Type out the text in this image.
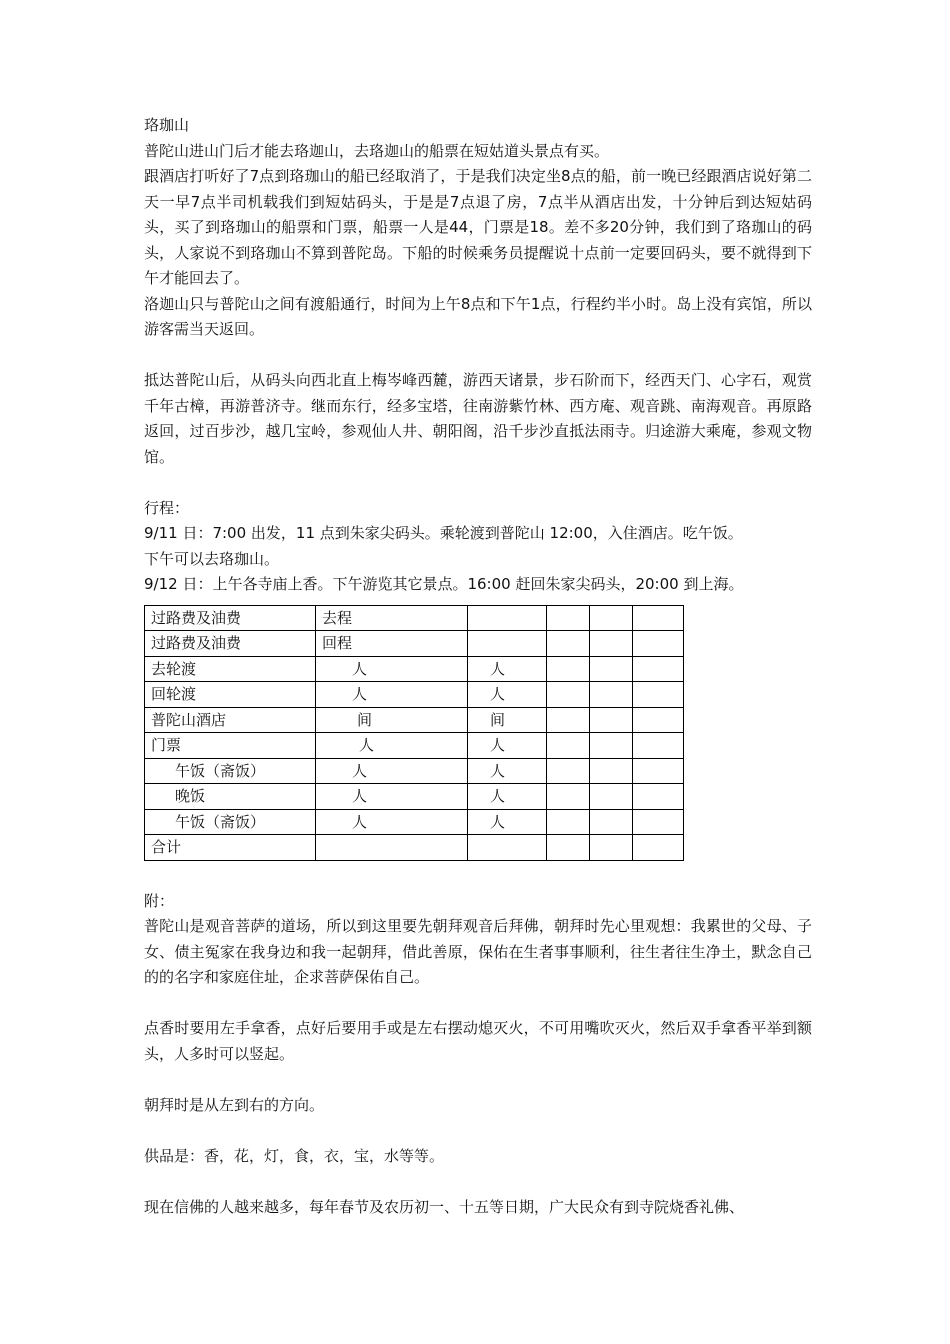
珞珈山

普陀山进山门后才能去珞迦山，去珞迦山的船票在短姑道头景点有买。

跟酒店打听好了7点到珞珈山的船已经取消了，于是我们决定坐8点的船，前一晚已经跟酒店说好第二天一早7点半司机载我们到短姑码头，于是是7点退了房，7点半从酒店出发，十分钟后到达短姑码头，买了到珞珈山的船票和门票，船票一人是44，门票是18。差不多20分钟，我们到了珞珈山的码头，人家说不到珞珈山不算到普陀岛。下船的时候乘务员提醒说十点前一定要回码头，要不就得到下午才能回去了。

洛迦山只与普陀山之间有渡船通行，时间为上午8点和下午1点，行程约半小时。岛上没有宾馆，所以游客需当天返回。

抵达普陀山后，从码头向西北直上梅岑峰西麓，游西天诸景，步石阶而下，经西天门、心字石，观赏千年古樟，再游普济寺。继而东行，经多宝塔，往南游紫竹林、西方庵、观音跳、南海观音。再原路返回，过百步沙，越几宝岭，参观仙人井、朝阳阁，沿千步沙直抵法雨寺。归途游大乘庵，参观文物馆。

行程：

9/11 日：7:00 出发，11 点到朱家尖码头。乘轮渡到普陀山 12:00，入住酒店。吃午饭。

下午可以去珞珈山。

9/12 日：上午各寺庙上香。下午游览其它景点。16:00 赶回朱家尖码头，20:00 到上海。

过路费及油费	去程				
过路费及油费	回程				
去轮渡	人	人			
回轮渡	人	人			
普陀山酒店	间	间			
门票	人	人			
午饭（斋饭）	人	人			
晚饭	人	人			
午饭（斋饭）	人	人			
合计					

附：

普陀山是观音菩萨的道场，所以到这里要先朝拜观音后拜佛，朝拜时先心里观想：我累世的父母、子女、债主冤家在我身边和我一起朝拜，借此善原，保佑在生者事事顺利，往生者往生净土，默念自己的的名字和家庭住址，企求菩萨保佑自己。

点香时要用左手拿香，点好后要用手或是左右摆动熄灭火，不可用嘴吹灭火，然后双手拿香平举到额头，人多时可以竖起。

朝拜时是从左到右的方向。

供品是：香，花，灯，食，衣，宝，水等等。

现在信佛的人越来越多，每年春节及农历初一、十五等日期，广大民众有到寺院烧香礼佛、
